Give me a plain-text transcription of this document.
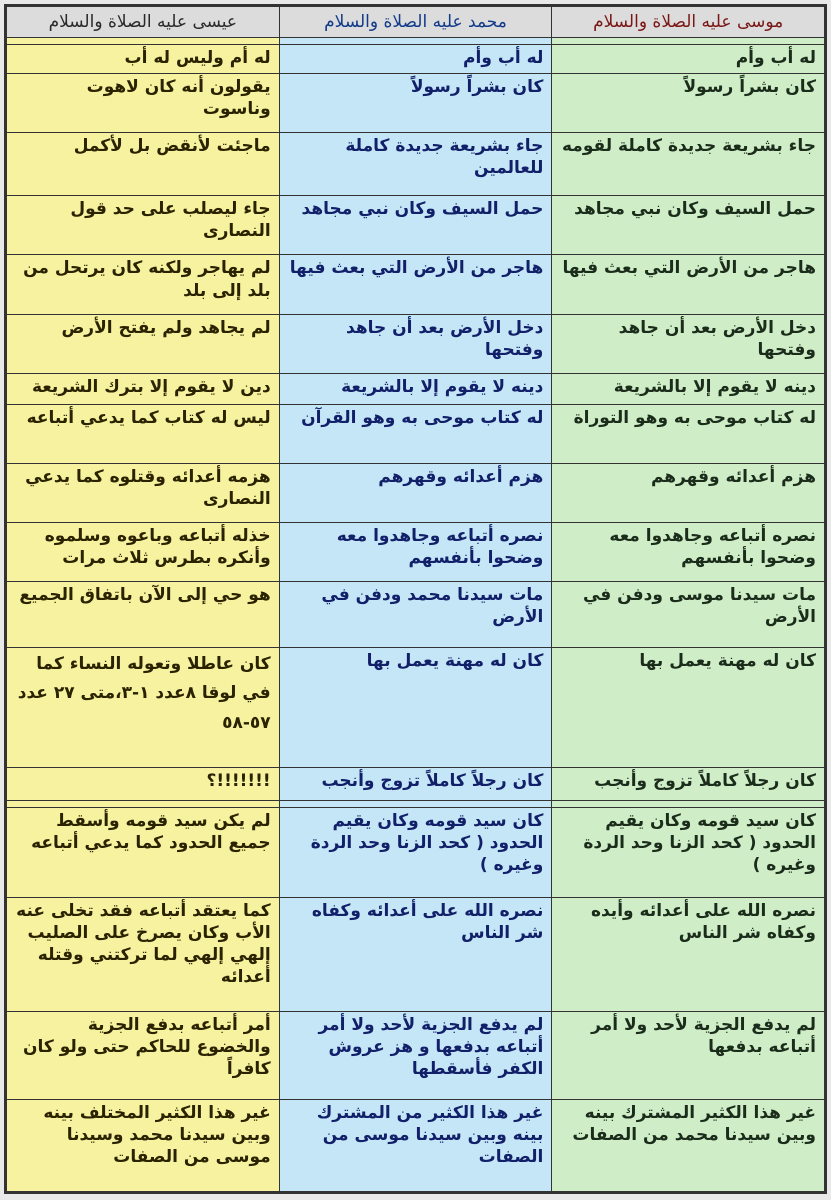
موسى عليه الصلاة والسلام	محمد عليه الصلاة والسلام	عيسى عليه الصلاة والسلام

له أب وأم	له أب وأم	له أم وليس له أب
كان بشراً رسولاً	كان بشراً رسولاً	يقولون أنه كان لاهوت وناسوت
جاء بشريعة جديدة كاملة لقومه	جاء بشريعة جديدة كاملة للعالمين	ماجئت لأنقض بل لأكمل
حمل السيف وكان نبي مجاهد	حمل السيف وكان نبي مجاهد	جاء ليصلب على حد قول النصارى
هاجر من الأرض التي بعث فيها	هاجر من الأرض التي بعث فيها	لم يهاجر ولكنه كان يرتحل من بلد إلى بلد
دخل الأرض بعد أن جاهد وفتحها	دخل الأرض بعد أن جاهد وفتحها	لم يجاهد ولم يفتح الأرض
دينه لا يقوم إلا بالشريعة	دينه لا يقوم إلا بالشريعة	دين لا يقوم إلا بترك الشريعة
له كتاب موحى به وهو التوراة	له كتاب موحى به وهو القرآن	ليس له كتاب كما يدعي أتباعه
هزم أعدائه وقهرهم	هزم أعدائه وقهرهم	هزمه أعدائه وقتلوه كما يدعي النصارى
نصره أتباعه وجاهدوا معه وضحوا بأنفسهم	نصره أتباعه وجاهدوا معه وضحوا بأنفسهم	خذله أتباعه وباعوه وسلموه وأنكره بطرس ثلاث مرات
مات سيدنا موسى ودفن في الأرض	مات سيدنا محمد ودفن في الأرض	هو حي إلى الآن باتفاق الجميع
كان له مهنة يعمل بها	كان له مهنة يعمل بها	كان عاطلا وتعوله النساء كما في لوقا ٨عدد ١-٣،متى ٢٧ عدد ٥٧-٥٨
كان رجلاً كاملاً تزوج وأنجب	كان رجلاً كاملاً تزوج وأنجب	!!!!!!!؟

كان سيد قومه وكان يقيم الحدود ( كحد الزنا وحد الردة وغيره )	كان سيد قومه وكان يقيم الحدود ( كحد الزنا وحد الردة وغيره )	لم يكن سيد قومه وأسقط جميع الحدود كما يدعي أتباعه
نصره الله على أعدائه وأيده وكفاه شر الناس	نصره الله على أعدائه وكفاه شر الناس	كما يعتقد أتباعه فقد تخلى عنه الأب وكان يصرخ على الصليب إلهي إلهي لما تركتني وقتله أعدائه
لم يدفع الجزية لأحد ولا أمر أتباعه بدفعها	لم يدفع الجزية لأحد ولا أمر أتباعه بدفعها و هز عروش الكفر فأسقطها	أمر أتباعه بدفع الجزية والخضوع للحاكم حتى ولو كان كافراً
غير هذا الكثير المشترك بينه وبين سيدنا محمد من الصفات	غير هذا الكثير من المشترك بينه وبين سيدنا موسى من الصفات	غير هذا الكثير المختلف بينه وبين سيدنا محمد وسيدنا موسى من الصفات
